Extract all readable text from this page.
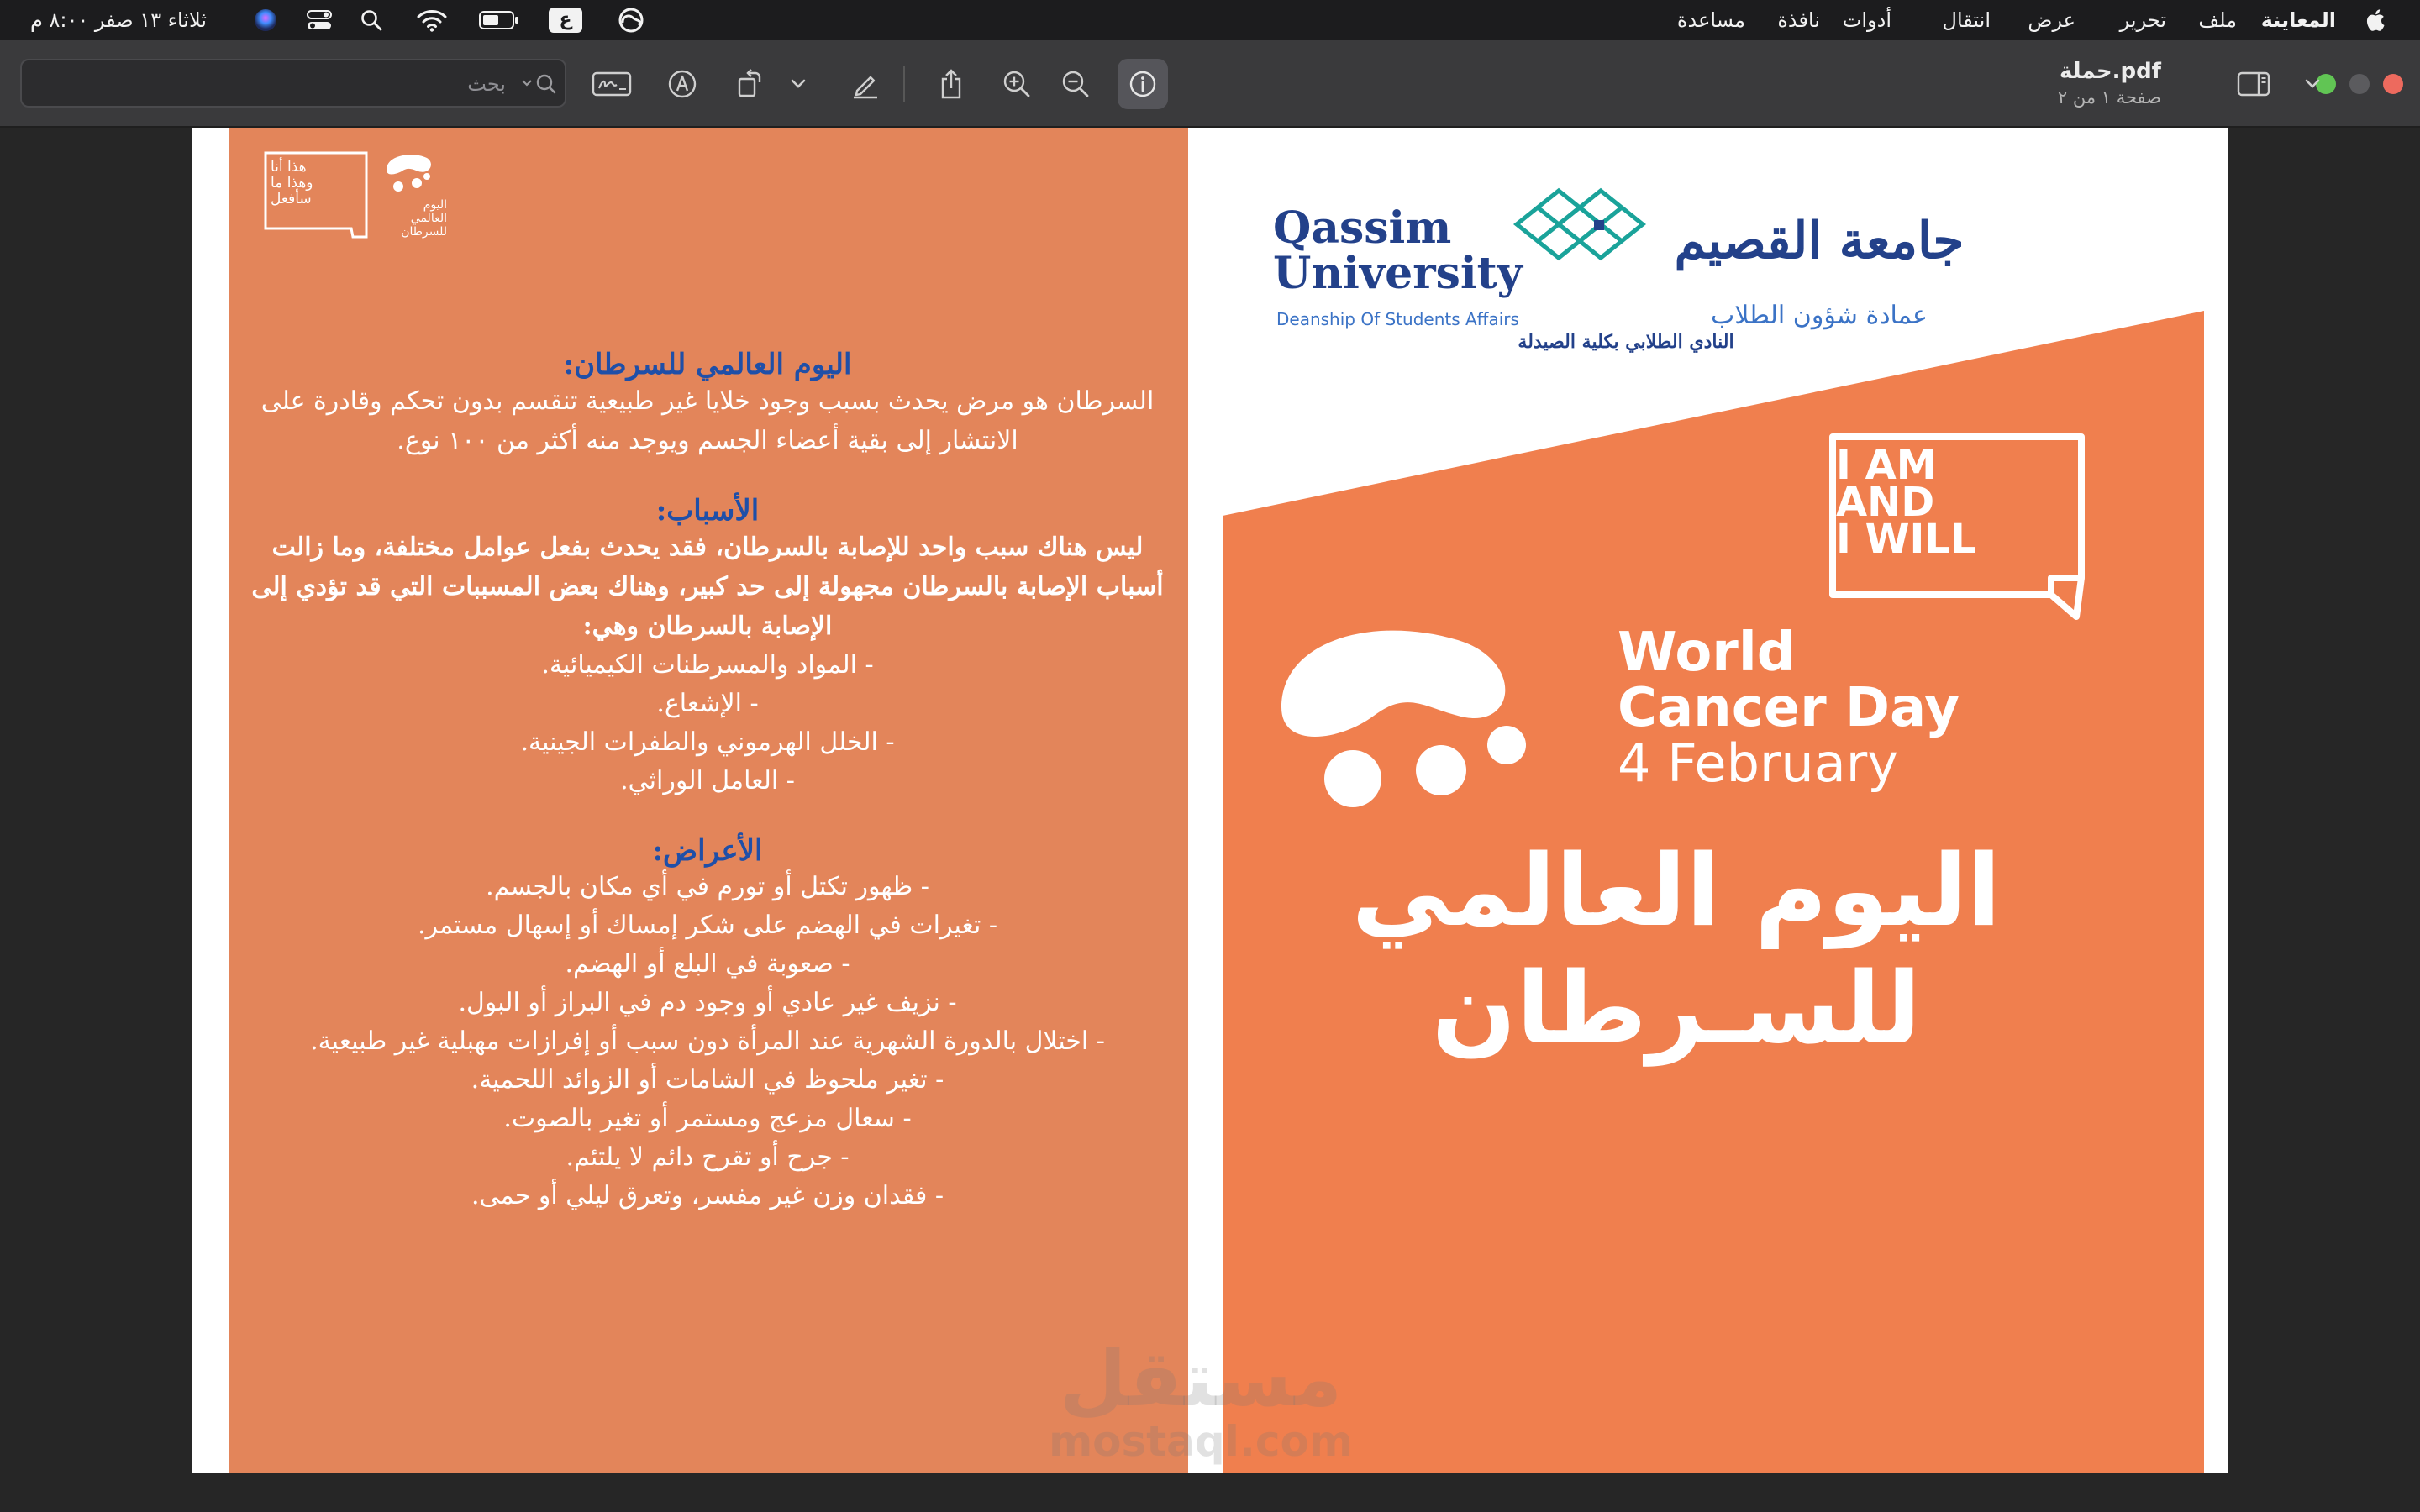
المعاينة
ملف
تحرير
عرض
انتقال
أدوات
نافذة
مساعدة
ثلاثاء ١٣ صفر ٨:٠٠ م	ع
حملة.pdf
صفحة ١ من ٢
بحث
هذا أنا
وهذا ما
سأفعل	اليوم
العالمي
للسرطان
اليوم العالمي للسرطان:
السرطان هو مرض يحدث بسبب وجود خلايا غير طبيعية تنقسم بدون تحكم وقادرة على الانتشار إلى بقية أعضاء الجسم ويوجد منه أكثر من ١٠٠ نوع.
الأسباب:
ليس هناك سبب واحد للإصابة بالسرطان، فقد يحدث بفعل عوامل مختلفة، وما زالت أسباب الإصابة بالسرطان مجهولة إلى حد كبير، وهناك بعض المسببات التي قد تؤدي إلى الإصابة بالسرطان وهي:
- المواد والمسرطنات الكيميائية.
- الإشعاع.
- الخلل الهرموني والطفرات الجينية.
- العامل الوراثي.
الأعراض:
- ظهور تكتل أو تورم في أي مكان بالجسم.
- تغيرات في الهضم على شكر إمساك أو إسهال مستمر.
- صعوبة في البلع أو الهضم.
- نزيف غير عادي أو وجود دم في البراز أو البول.
- اختلال بالدورة الشهرية عند المرأة دون سبب أو إفرازات مهبلية غير طبيعية.
- تغير ملحوظ في الشامات أو الزوائد اللحمية.
- سعال مزعج ومستمر أو تغير بالصوت.
- جرح أو تقرح دائم لا يلتئم.
- فقدان وزن غير مفسر، وتعرق ليلي أو حمى.
Qassim
University
Deanship Of Students Affairs
جامعة القصيم
عمادة شؤون الطلاب
النادي الطلابي بكلية الصيدلة
I AM
AND
I WILL
World
Cancer Day
4 February
اليوم العالمي
للسـرطان
مستقل
mostaql.com
